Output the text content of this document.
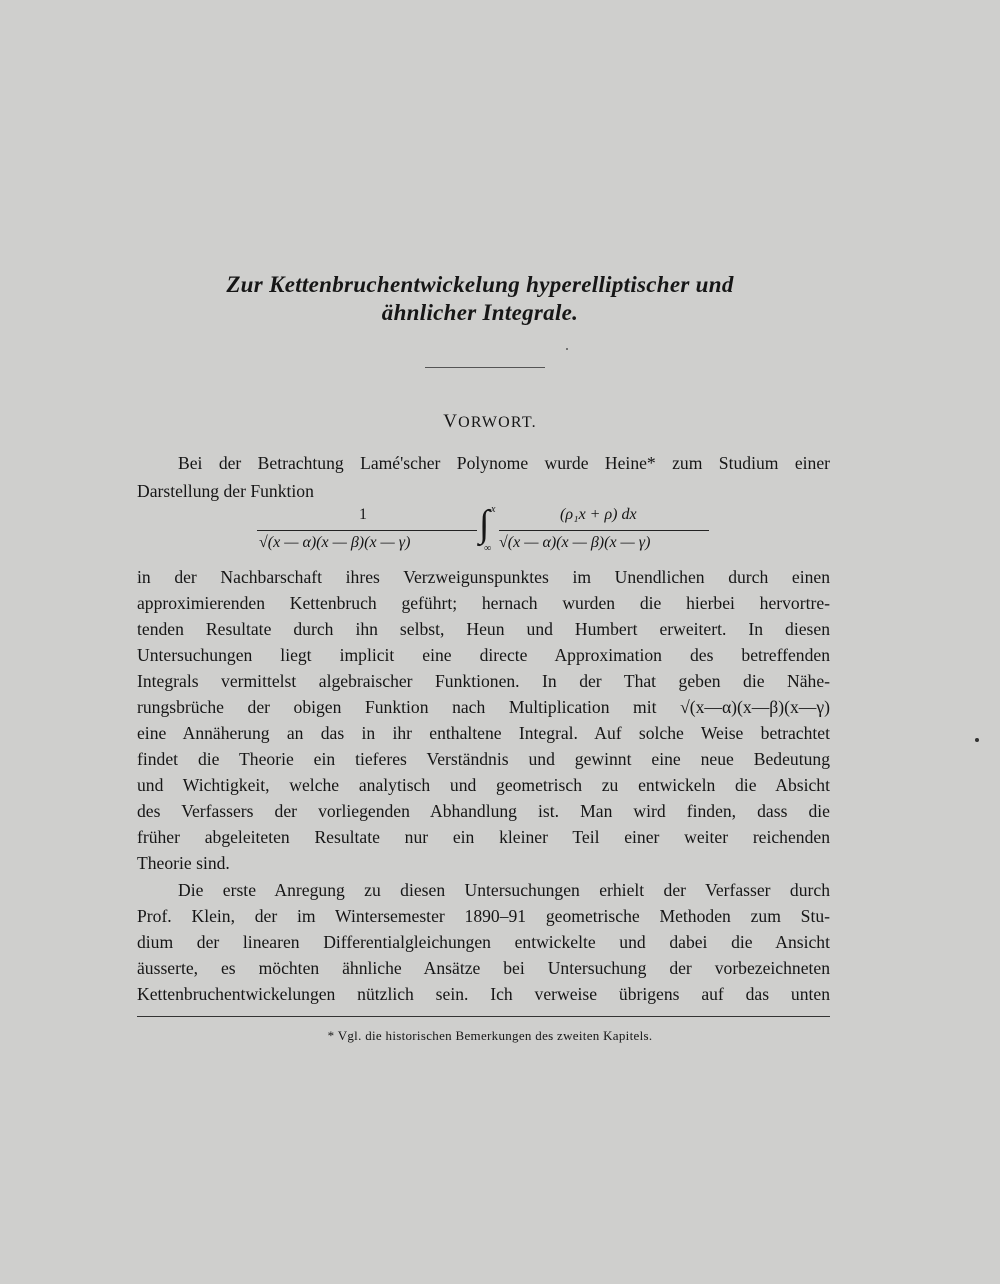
Zur Kettenbruchentwickelung hyperelliptischer und
ähnlicher Integrale.
VORWORT.
Bei der Betrachtung Lamé'scher Polynome wurde Heine* zum Studium einer
Darstellung der Funktion
1
√(x — α)(x — β)(x — γ) ∫ x
∞
(ρ₁x + ρ) dx
√(x — α)(x — β)(x — γ)
in der Nachbarschaft ihres Verzweigunspunktes im Unendlichen durch einen
approximierenden Kettenbruch geführt; hernach wurden die hierbei hervortre-
tenden Resultate durch ihn selbst, Heun und Humbert erweitert. In diesen
Untersuchungen liegt implicit eine directe Approximation des betreffenden
Integrals vermittelst algebraischer Funktionen. In der That geben die Nähe-
rungsbrüche der obigen Funktion nach Multiplication mit √(x—α)(x—β)(x—γ)
eine Annäherung an das in ihr enthaltene Integral. Auf solche Weise betrachtet
findet die Theorie ein tieferes Verständnis und gewinnt eine neue Bedeutung
und Wichtigkeit, welche analytisch und geometrisch zu entwickeln die Absicht
des Verfassers der vorliegenden Abhandlung ist. Man wird finden, dass die
früher abgeleiteten Resultate nur ein kleiner Teil einer weiter reichenden
Theorie sind.
Die erste Anregung zu diesen Untersuchungen erhielt der Verfasser durch
Prof. Klein, der im Wintersemester 1890–91 geometrische Methoden zum Stu-
dium der linearen Differentialgleichungen entwickelte und dabei die Ansicht
äusserte, es möchten ähnliche Ansätze bei Untersuchung der vorbezeichneten
Kettenbruchentwickelungen nützlich sein. Ich verweise übrigens auf das unten
* Vgl. die historischen Bemerkungen des zweiten Kapitels.
